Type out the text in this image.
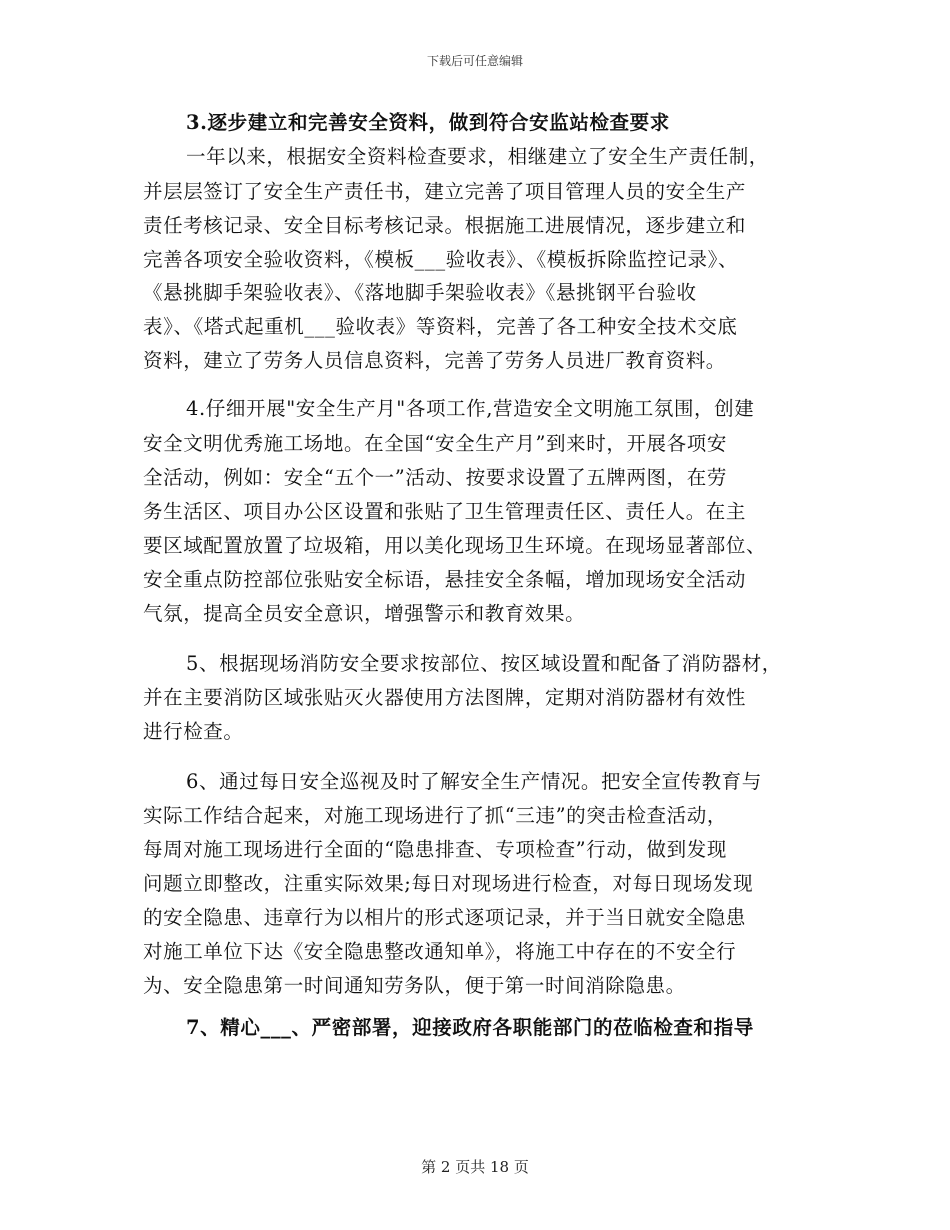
下载后可任意编辑
3.逐步建立和完善安全资料，做到符合安监站检查要求
一年以来，根据安全资料检查要求，相继建立了安全生产责任制，
并层层签订了安全生产责任书，建立完善了项目管理人员的安全生产
责任考核记录、安全目标考核记录。根据施工进展情况，逐步建立和
完善各项安全验收资料，《模板___验收表》、《模板拆除监控记录》、
《悬挑脚手架验收表》、《落地脚手架验收表》《悬挑钢平台验收
表》、《塔式起重机___验收表》等资料，完善了各工种安全技术交底
资料，建立了劳务人员信息资料，完善了劳务人员进厂教育资料。
4.仔细开展"安全生产月"各项工作,营造安全文明施工氛围，创建
安全文明优秀施工场地。在全国“安全生产月”到来时，开展各项安
全活动，例如：安全“五个一”活动、按要求设置了五牌两图，在劳
务生活区、项目办公区设置和张贴了卫生管理责任区、责任人。在主
要区域配置放置了垃圾箱，用以美化现场卫生环境。在现场显著部位、
安全重点防控部位张贴安全标语，悬挂安全条幅，增加现场安全活动
气氛，提高全员安全意识，增强警示和教育效果。
5、根据现场消防安全要求按部位、按区域设置和配备了消防器材，
并在主要消防区域张贴灭火器使用方法图牌，定期对消防器材有效性
进行检查。
6、通过每日安全巡视及时了解安全生产情况。把安全宣传教育与
实际工作结合起来，对施工现场进行了抓“三违”的突击检查活动，
每周对施工现场进行全面的“隐患排查、专项检查”行动，做到发现
问题立即整改，注重实际效果;每日对现场进行检查，对每日现场发现
的安全隐患、违章行为以相片的形式逐项记录，并于当日就安全隐患
对施工单位下达《安全隐患整改通知单》，将施工中存在的不安全行
为、安全隐患第一时间通知劳务队，便于第一时间消除隐患。
7、精心___、严密部署，迎接政府各职能部门的莅临检查和指导
第 2 页共 18 页
